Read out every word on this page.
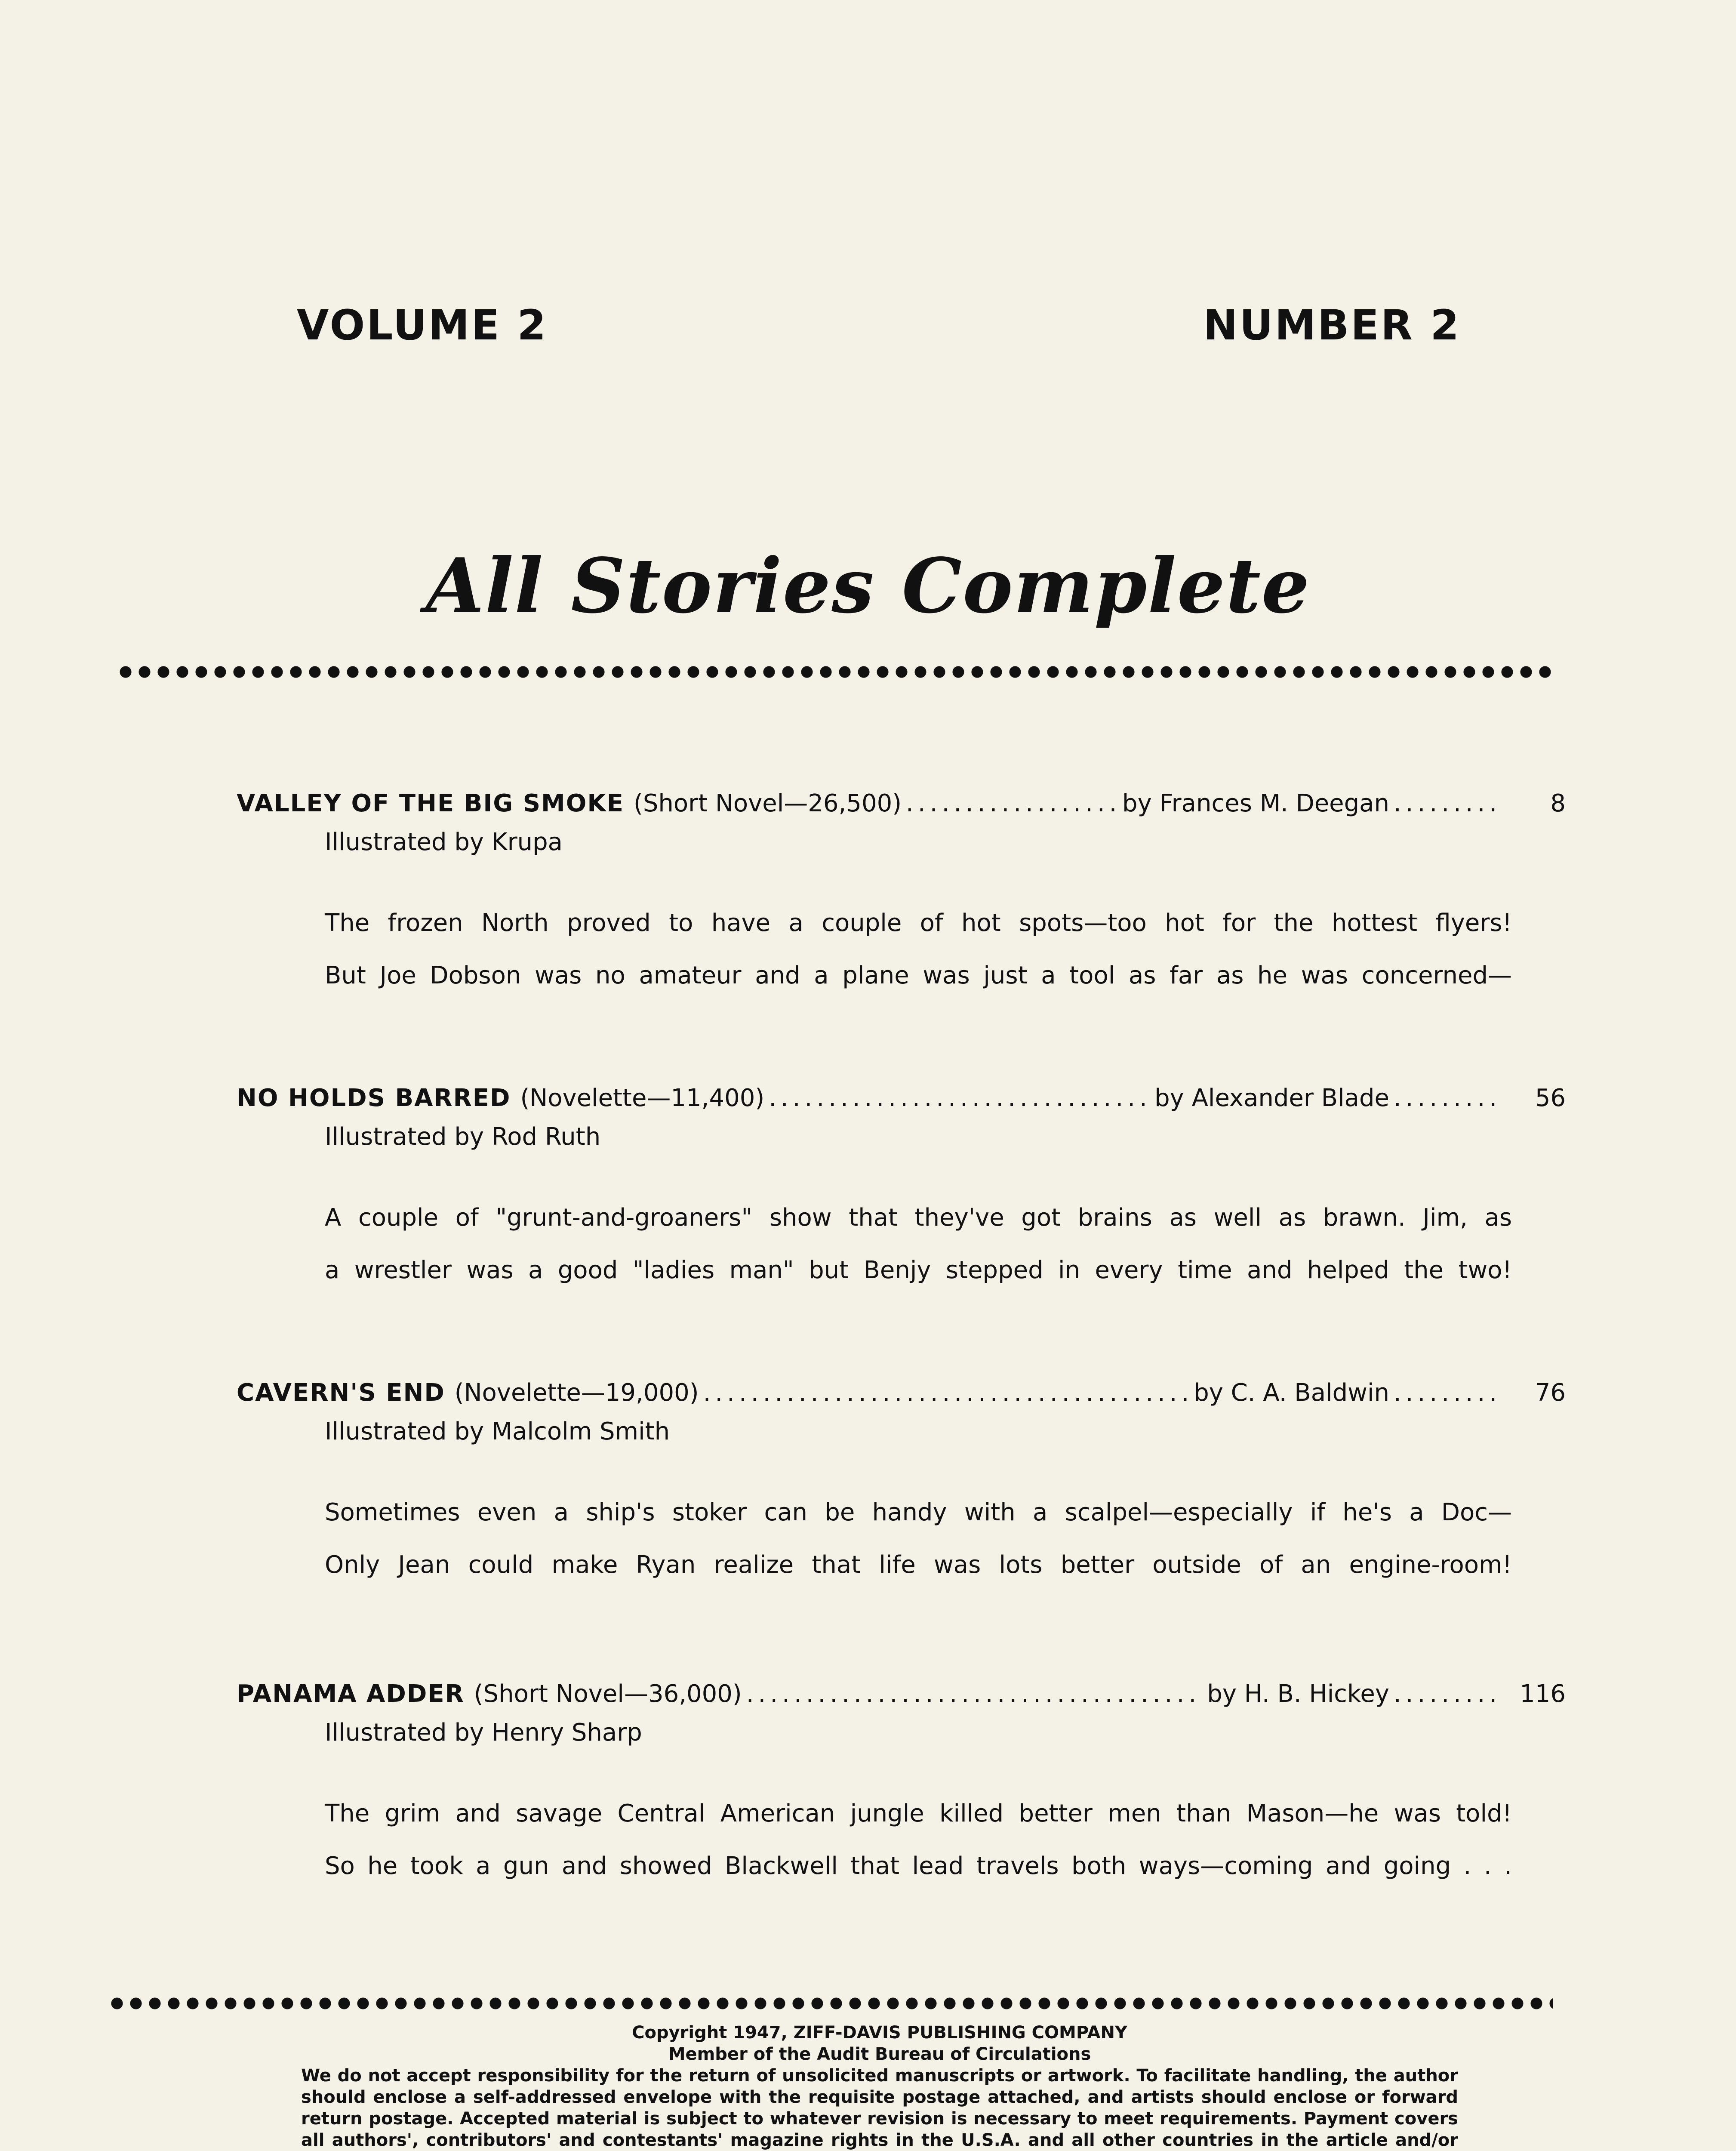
VOLUME 2	NUMBER 2
All Stories Complete
VALLEY OF THE BIG SMOKE (Short Novel—26,500) .....	by Frances M. Deegan .....	8
Illustrated by Krupa
The frozen North proved to have a couple of hot spots—too hot for the hottest flyers!
But Joe Dobson was no amateur and a plane was just a tool as far as he was concerned—
NO HOLDS BARRED (Novelette—11,400) .....	by Alexander Blade .....	56
Illustrated by Rod Ruth
A couple of "grunt-and-groaners" show that they've got brains as well as brawn. Jim, as
a wrestler was a good "ladies man" but Benjy stepped in every time and helped the two!
CAVERN'S END (Novelette—19,000) .....	by C. A. Baldwin .....	76
Illustrated by Malcolm Smith
Sometimes even a ship's stoker can be handy with a scalpel—especially if he's a Doc—
Only Jean could make Ryan realize that life was lots better outside of an engine-room!
PANAMA ADDER (Short Novel—36,000) .....	by H. B. Hickey .....	116
Illustrated by Henry Sharp
The grim and savage Central American jungle killed better men than Mason—he was told!
So he took a gun and showed Blackwell that lead travels both ways—coming and going . . .
Copyright 1947, ZIFF-DAVIS PUBLISHING COMPANY
Member of the Audit Bureau of Circulations
We do not accept responsibility for the return of unsolicited manuscripts or artwork. To facilitate handling, the author should enclose a self-addressed envelope with the requisite postage attached, and artists should enclose or forward return postage. Accepted material is subject to whatever revision is necessary to meet requirements. Payment covers all authors', contributors' and contestants' magazine rights in the U.S.A. and all other countries in the article and/or
